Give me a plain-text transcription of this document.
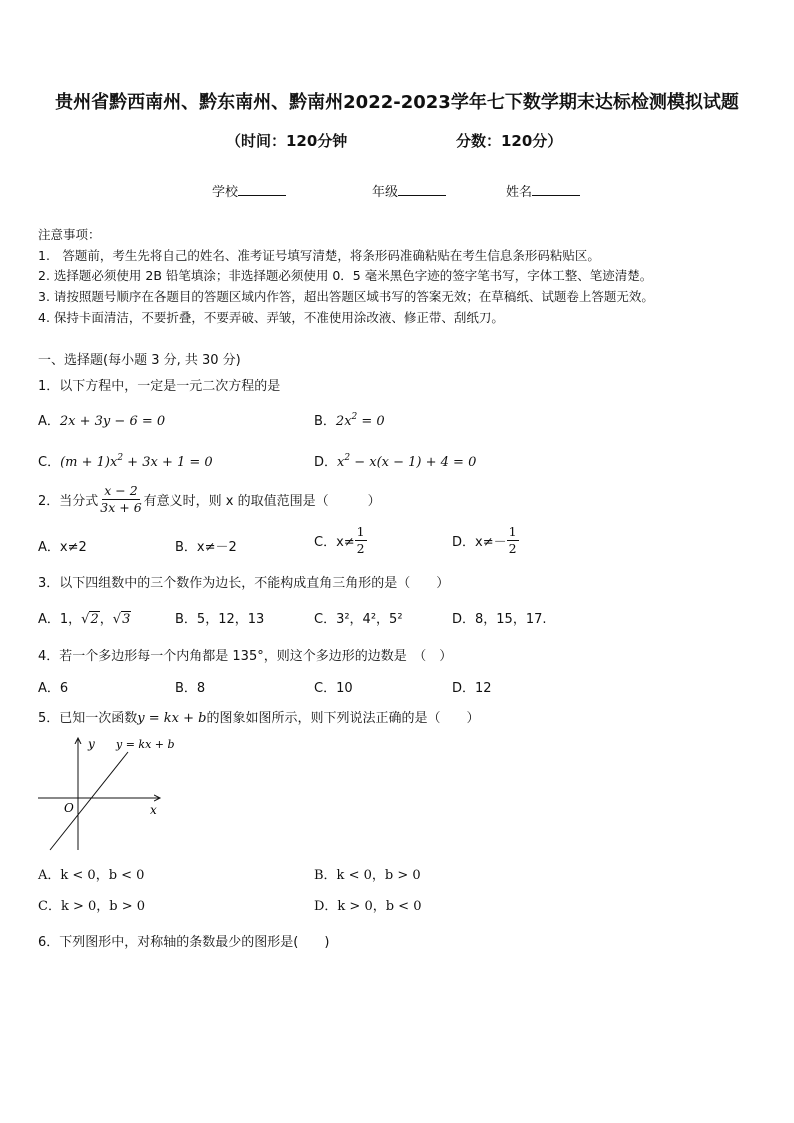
贵州省黔西南州、黔东南州、黔南州2022-2023学年七下数学期末达标检测模拟试题
（时间：120分钟	分数：120分）
学校	年级	姓名
注意事项：
1.　答题前，考生先将自己的姓名、准考证号填写清楚，将条形码准确粘贴在考生信息条形码粘贴区。
2. 选择题必须使用 2B 铅笔填涂；非选择题必须使用 0．5 毫米黑色字迹的签字笔书写，字体工整、笔迹清楚。
3. 请按照题号顺序在各题目的答题区域内作答，超出答题区域书写的答案无效；在草稿纸、试题卷上答题无效。
4. 保持卡面清洁，不要折叠，不要弄破、弄皱，不准使用涂改液、修正带、刮纸刀。
一、选择题(每小题 3 分, 共 30 分)
1．以下方程中，一定是一元二次方程的是
A．2x + 3y − 6 = 0	B．$2x^2 = 0$
C．$(m + 1)x^2 + 3x + 1 = 0$	D．$x^2 - x(x - 1) + 4 = 0$
2．当分式 $\frac{x - 2}{3x + 6}$ 有意义时，则 x 的取值范围是（　　　）
A．x≠2	B．x≠－2	C．$x\ne \frac{1}{2}$	D．$x\ne- \frac{1}{2}$
3．以下四组数中的三个数作为边长，不能构成直角三角形的是（　　）
A．1，√ 2 ，√ 3	B．5，12，13	C．3²，4²，5²	D．8，15，17.
4．若一个多边形每一个内角都是 135°，则这个多边形的边数是　（　）
A．6	B．8	C．10	D．12
5．已知一次函数y = kx + b的图象如图所示，则下列说法正确的是（　　）
y y = kx + b
O	x
A．k < 0，b < 0	B．k < 0，b > 0
C．k > 0，b > 0	D．k > 0，b < 0
6．下列图形中，对称轴的条数最少的图形是(　　)
